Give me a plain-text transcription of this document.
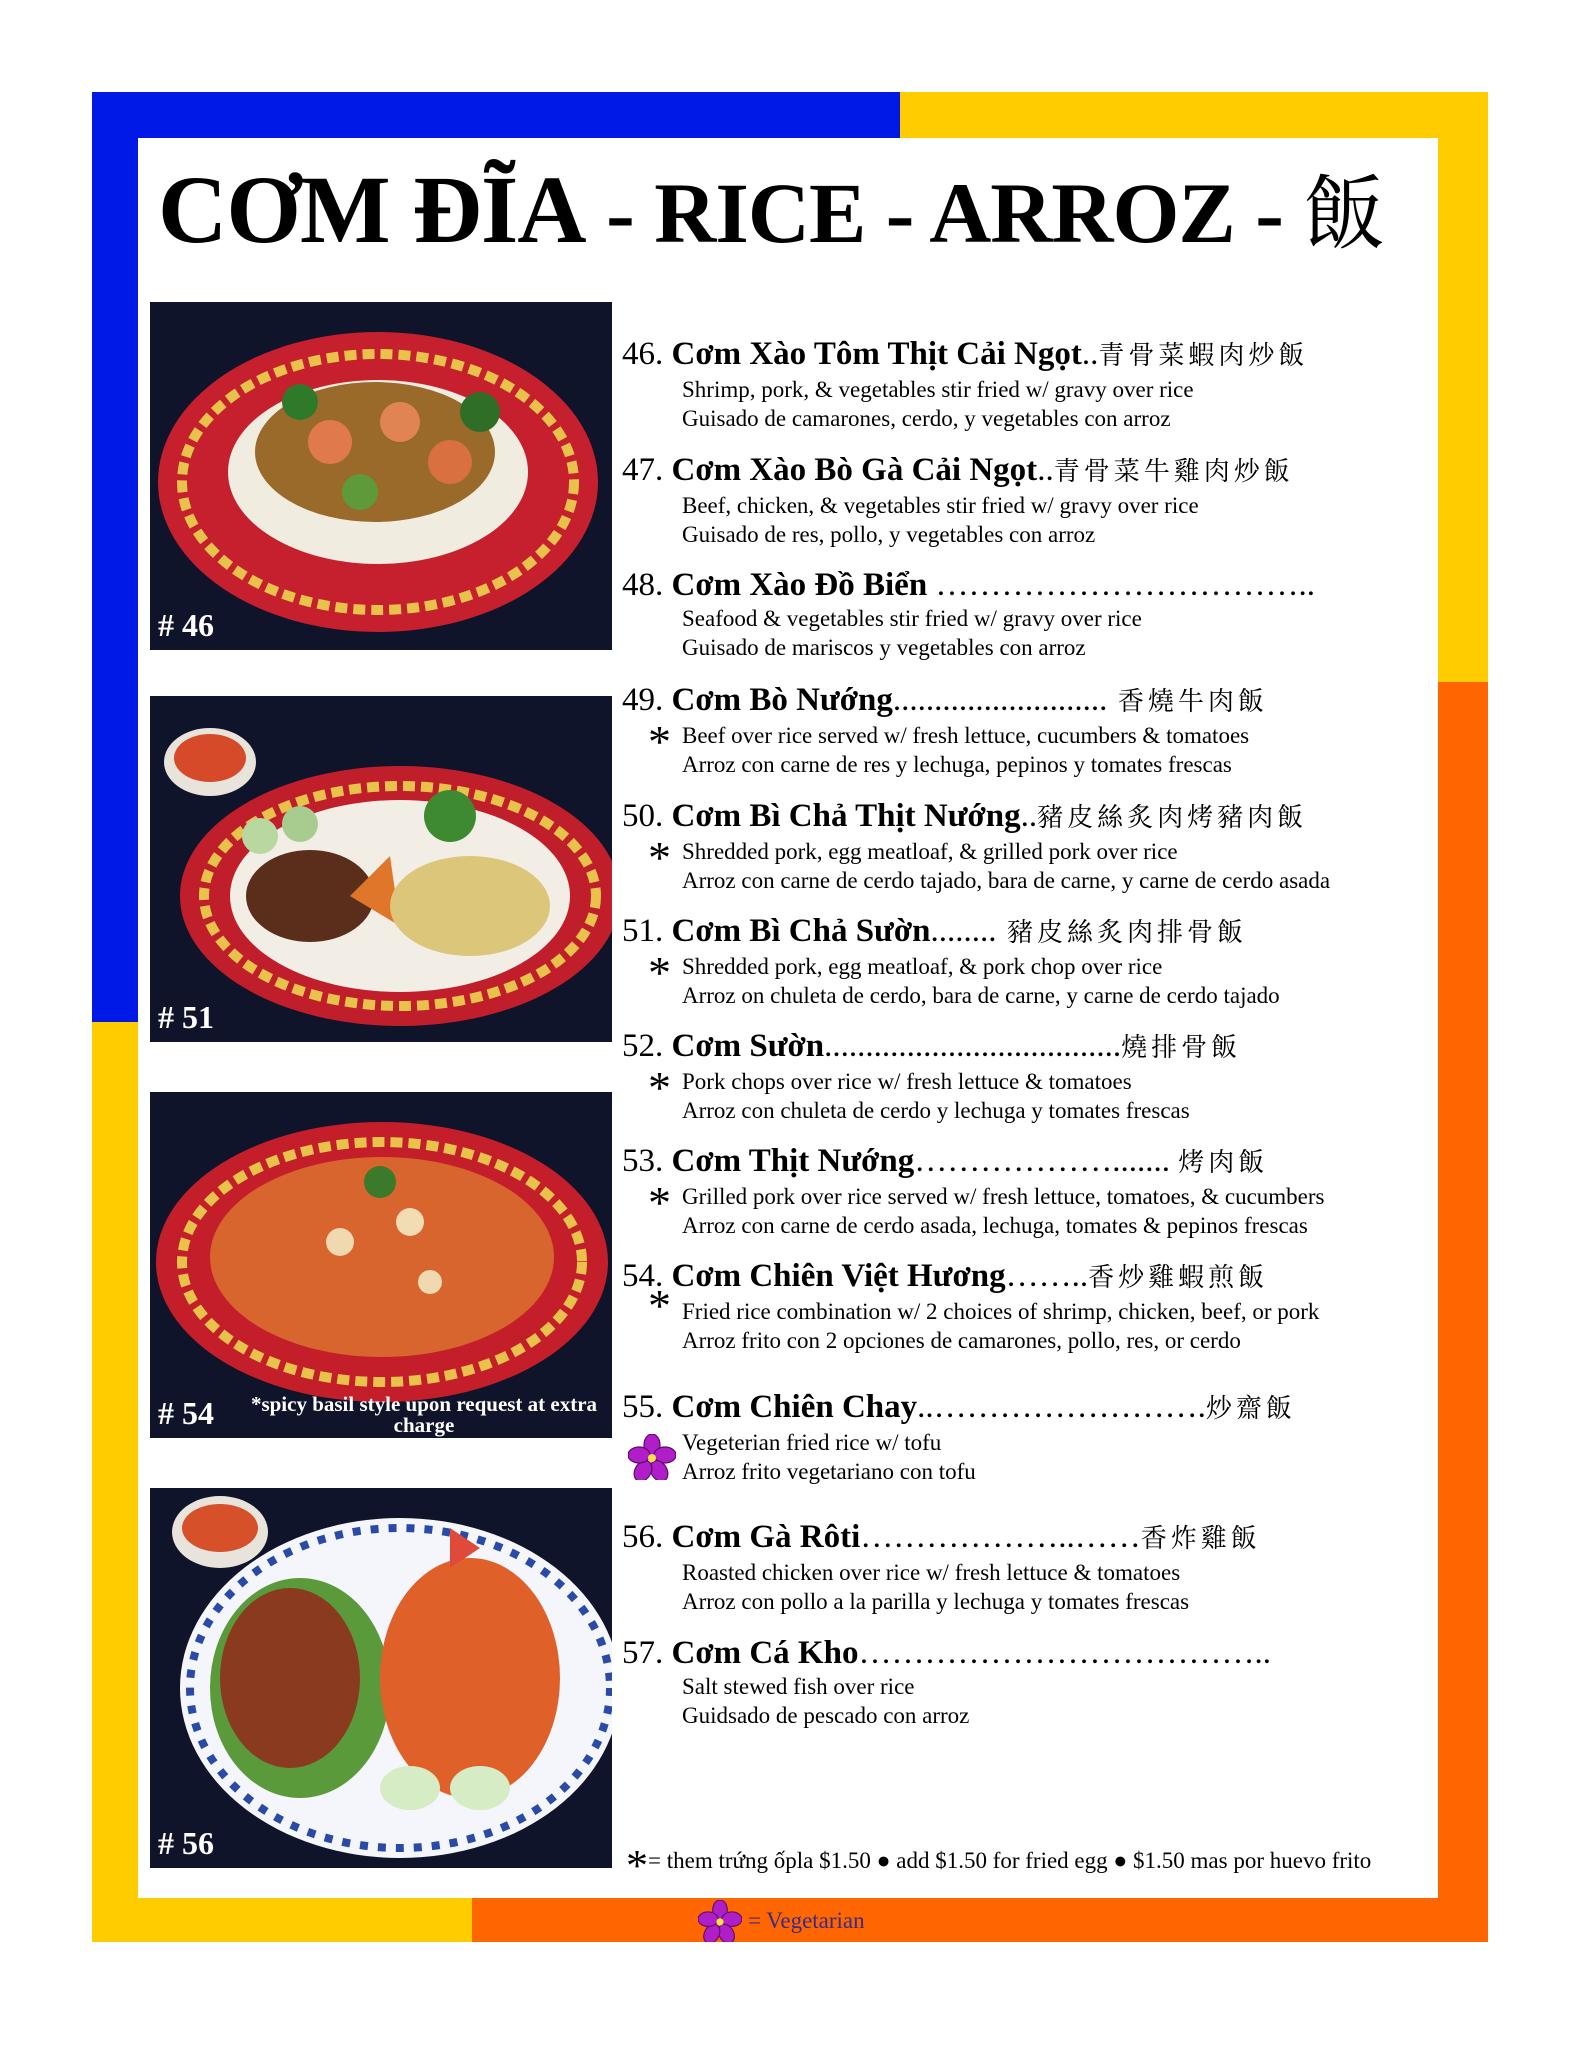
CƠM ĐĨA - RICE - ARROZ - 飯
# 46
# 51
# 54	*spicy basil style upon request at extra charge
# 56
46. Cơm Xào Tôm Thịt Cải Ngọt..青骨菜蝦肉炒飯
Shrimp, pork, & vegetables stir fried w/ gravy over rice
Guisado de camarones, cerdo, y vegetables con arroz
47. Cơm Xào Bò Gà Cải Ngọt..青骨菜牛雞肉炒飯
Beef, chicken, & vegetables stir fried w/ gravy over rice
Guisado de res, pollo, y vegetables con arroz
48. Cơm Xào Đồ Biển ……………………………..
Seafood & vegetables stir fried w/ gravy over rice
Guisado de mariscos y vegetables con arroz
49. Cơm Bò Nướng.......................... 香燒牛肉飯
* Beef over rice served w/ fresh lettuce, cucumbers & tomatoes
Arroz con carne de res y lechuga, pepinos y tomates frescas
50. Cơm Bì Chả Thịt Nướng..豬皮絲炙肉烤豬肉飯
* Shredded pork, egg meatloaf, & grilled pork over rice
Arroz con carne de cerdo tajado, bara de carne, y carne de cerdo asada
51. Cơm Bì Chả Sườn........ 豬皮絲炙肉排骨飯
* Shredded pork, egg meatloaf, & pork chop over rice
Arroz on chuleta de cerdo, bara de carne, y carne de cerdo tajado
52. Cơm Sườn....................................燒排骨飯
* Pork chops over rice w/ fresh lettuce & tomatoes
Arroz con chuleta de cerdo y lechuga y tomates frescas
53. Cơm Thịt Nướng………………....... 烤肉飯
* Grilled pork over rice served w/ fresh lettuce, tomatoes, & cucumbers
Arroz con carne de cerdo asada, lechuga, tomates & pepinos frescas
54. Cơm Chiên Việt Hương……..香炒雞蝦煎飯
* Fried rice combination w/ 2 choices of shrimp, chicken, beef, or pork
Arroz frito con 2 opciones de camarones, pollo, res, or cerdo
55. Cơm Chiên Chay..…………………….炒齋飯
Vegeterian fried rice w/ tofu
Arroz frito vegetariano con tofu
56. Cơm Gà Rôti………………..……香炸雞飯
Roasted chicken over rice w/ fresh lettuce & tomatoes
Arroz con pollo a la parilla y lechuga y tomates frescas
57. Cơm Cá Kho………………………………..
Salt stewed fish over rice
Guidsado de pescado con arroz
*= them trứng ốpla $1.50 ● add $1.50 for fried egg ● $1.50 mas por huevo frito
= Vegetarian
